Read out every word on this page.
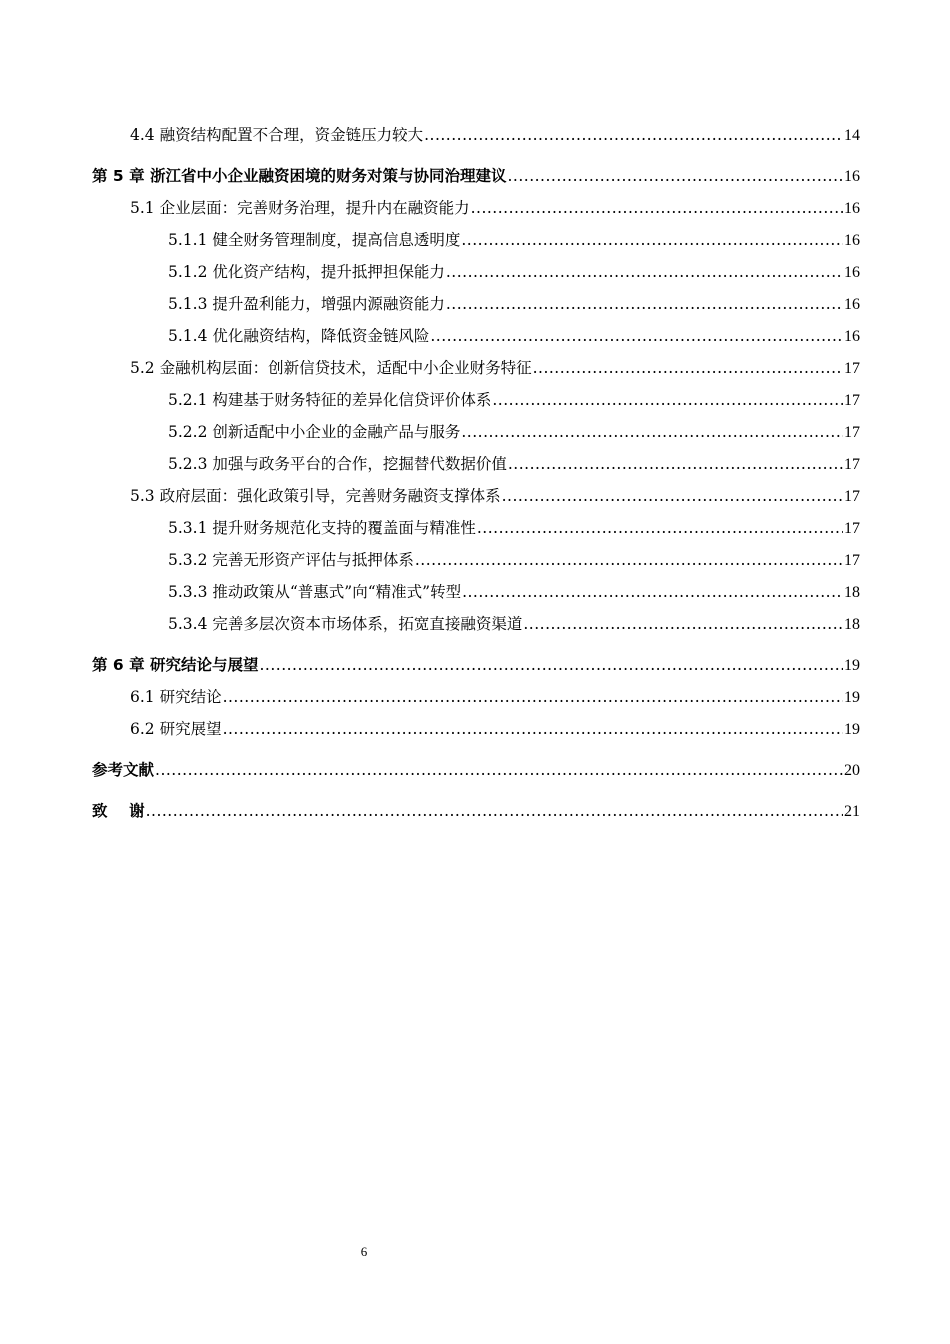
4.4 融资结构配置不合理，资金链压力较大 .....	14
第 5 章 浙江省中小企业融资困境的财务对策与协同治理建议 .....	16
5.1 企业层面：完善财务治理，提升内在融资能力 .....	16
5.1.1 健全财务管理制度，提高信息透明度 .....	16
5.1.2 优化资产结构，提升抵押担保能力 .....	16
5.1.3 提升盈利能力，增强内源融资能力 .....	16
5.1.4 优化融资结构，降低资金链风险 .....	16
5.2 金融机构层面：创新信贷技术，适配中小企业财务特征 .....	17
5.2.1 构建基于财务特征的差异化信贷评价体系 .....	17
5.2.2 创新适配中小企业的金融产品与服务 .....	17
5.2.3 加强与政务平台的合作，挖掘替代数据价值 .....	17
5.3 政府层面：强化政策引导，完善财务融资支撑体系 .....	17
5.3.1 提升财务规范化支持的覆盖面与精准性 .....	17
5.3.2 完善无形资产评估与抵押体系 .....	17
5.3.3 推动政策从“普惠式”向“精准式”转型 .....	18
5.3.4 完善多层次资本市场体系，拓宽直接融资渠道 .....	18
第 6 章 研究结论与展望 .....	19
6.1 研究结论 .....	19
6.2 研究展望 .....	19
参考文献 .....	20
致    谢 .....	21
6
